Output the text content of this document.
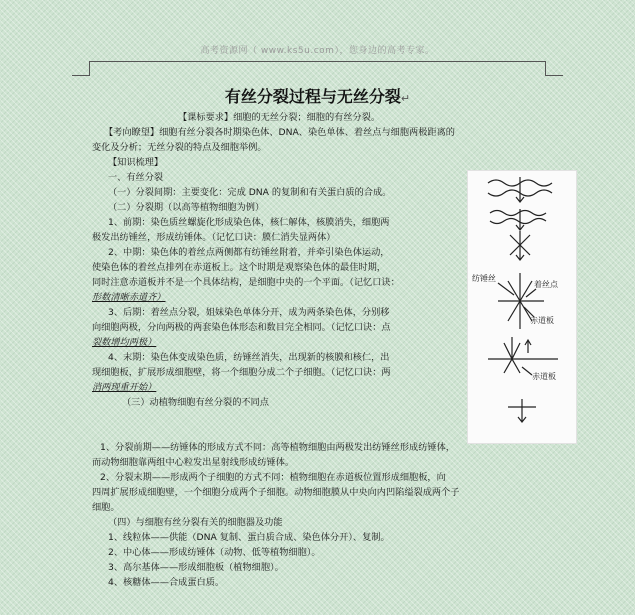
高考资源网（ www.ks5u.com），您身边的高考专家。
有丝分裂过程与无丝分裂↵
【课标要求】细胞的无丝分裂；细胞的有丝分裂。
【考向瞭望】细胞有丝分裂各时期染色体、DNA、染色单体、着丝点与细胞两极距离的
变化及分析；无丝分裂的特点及细胞举例。
【知识梳理】
一、有丝分裂
（一）分裂间期：主要变化：完成 DNA 的复制和有关蛋白质的合成。
（二）分裂期（以高等植物细胞为例）
1、前期：染色质丝螺旋化形成染色体，核仁解体，核膜消失，细胞两
极发出纺锤丝，形成纺锤体。（记忆口诀：膜仁消失显两体）
2、中期：染色体的着丝点两侧都有纺锤丝附着，并牵引染色体运动，
使染色体的着丝点排列在赤道板上。这个时期是观察染色体的最佳时期，
同时注意赤道板并不是一个具体结构，是细胞中央的一个平面。（记忆口诀：
形数清晰赤道齐）
3、后期：着丝点分裂，姐妹染色单体分开，成为两条染色体，分别移
向细胞两极，分向两极的两套染色体形态和数目完全相同。（记忆口诀：点
裂数增均两极）
4、末期：染色体变成染色质，纺锤丝消失，出现新的核膜和核仁，出
现细胞板，扩展形成细胞壁，将一个细胞分成二个子细胞。（记忆口诀：两
消两现重开始）
（三）动植物细胞有丝分裂的不同点
1、分裂前期——纺锤体的形成方式不同：高等植物细胞由两极发出纺锤丝形成纺锤体，
而动物细胞靠两组中心粒发出星射线形成纺锤体。
2、分裂末期——形成两个子细胞的方式不同：植物细胞在赤道板位置形成细胞板，向
四周扩展形成细胞壁，一个细胞分成两个子细胞。动物细胞膜从中央向内凹陷缢裂成两个子
细胞。
（四）与细胞有丝分裂有关的细胞器及功能
1、线粒体——供能（DNA 复制、蛋白质合成、染色体分开）、复制。
2、中心体——形成纺锤体（动物、低等植物细胞）。
3、高尔基体——形成细胞板（植物细胞）。
4、核糖体——合成蛋白质。
纺锤丝
着丝点
赤道板
赤道板
